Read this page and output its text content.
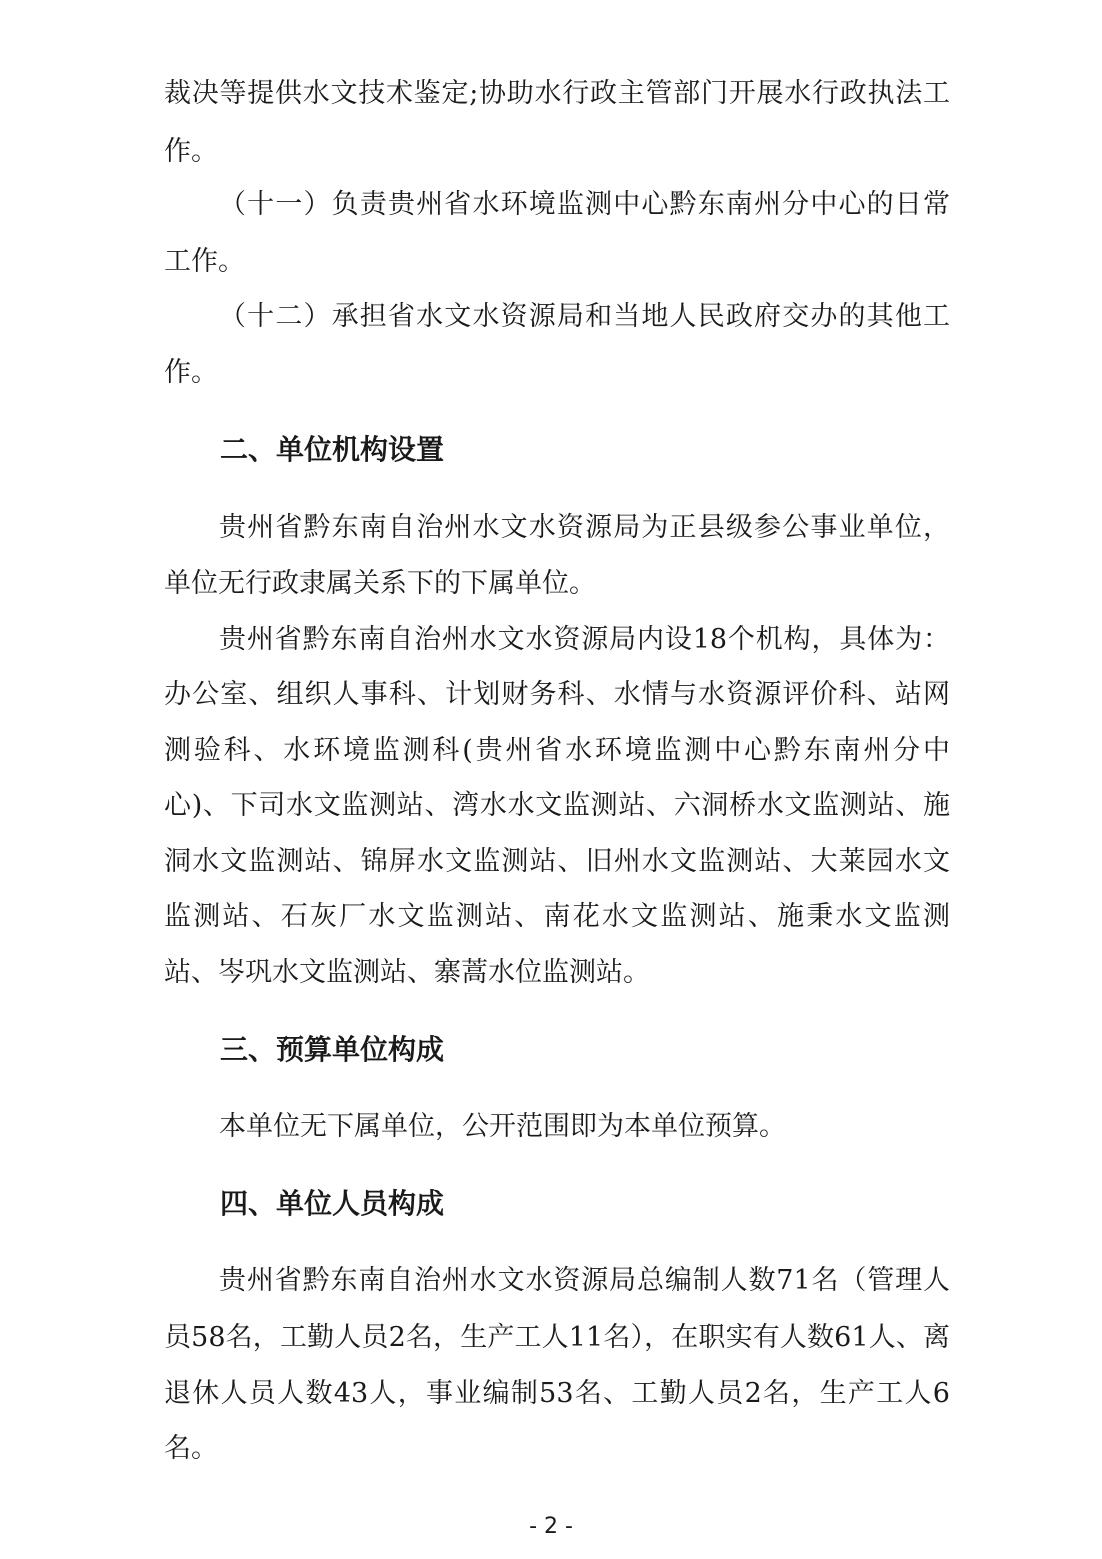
裁决等提供水文技术鉴定;协助水行政主管部门开展水行政执法工
作。
（十一）负责贵州省水环境监测中心黔东南州分中心的日常
工作。
（十二）承担省水文水资源局和当地人民政府交办的其他工
作。
二、单位机构设置
贵州省黔东南自治州水文水资源局为正县级参公事业单位，
单位无行政隶属关系下的下属单位。
贵州省黔东南自治州水文水资源局内设18个机构，具体为：
办公室、组织人事科、计划财务科、水情与水资源评价科、站网
测验科、水环境监测科(贵州省水环境监测中心黔东南州分中
心)、下司水文监测站、湾水水文监测站、六洞桥水文监测站、施
洞水文监测站、锦屏水文监测站、旧州水文监测站、大莱园水文
监测站、石灰厂水文监测站、南花水文监测站、施秉水文监测
站、岑巩水文监测站、寨蒿水位监测站。
三、预算单位构成
本单位无下属单位，公开范围即为本单位预算。
四、单位人员构成
贵州省黔东南自治州水文水资源局总编制人数71名（管理人
员58名，工勤人员2名，生产工人11名），在职实有人数61人、离
退休人员人数43人，事业编制53名、工勤人员2名，生产工人6
名。
- 2 -
